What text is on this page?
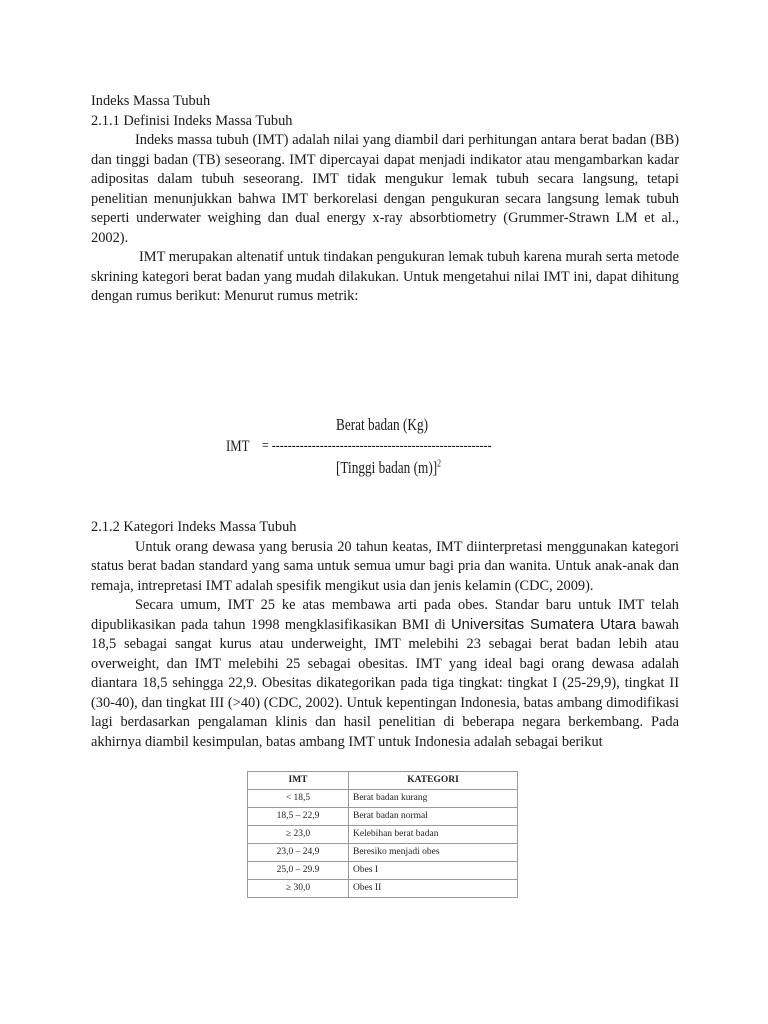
Indeks Massa Tubuh

2.1.1 Definisi Indeks Massa Tubuh

Indeks massa tubuh (IMT) adalah nilai yang diambil dari perhitungan antara berat badan (BB) dan tinggi badan (TB) seseorang. IMT dipercayai dapat menjadi indikator atau mengambarkan kadar adipositas dalam tubuh seseorang. IMT tidak mengukur lemak tubuh secara langsung, tetapi penelitian menunjukkan bahwa IMT berkorelasi dengan pengukuran secara langsung lemak tubuh seperti underwater weighing dan dual energy x-ray absorbtiometry (Grummer-Strawn LM et al., 2002).

IMT merupakan altenatif untuk tindakan pengukuran lemak tubuh karena murah serta metode skrining kategori berat badan yang mudah dilakukan. Untuk mengetahui nilai IMT ini, dapat dihitung dengan rumus berikut: Menurut rumus metrik:

Berat badan (Kg)
IMT = -------------------------------------------------------
[Tinggi badan (m)]$^2$

2.1.2 Kategori Indeks Massa Tubuh

Untuk orang dewasa yang berusia 20 tahun keatas, IMT diinterpretasi menggunakan kategori status berat badan standard yang sama untuk semua umur bagi pria dan wanita. Untuk anak-anak dan remaja, intrepretasi IMT adalah spesifik mengikut usia dan jenis kelamin (CDC, 2009).

Secara umum, IMT 25 ke atas membawa arti pada obes. Standar baru untuk IMT telah dipublikasikan pada tahun 1998 mengklasifikasikan BMI di Universitas Sumatera Utara bawah 18,5 sebagai sangat kurus atau underweight, IMT melebihi 23 sebagai berat badan lebih atau overweight, dan IMT melebihi 25 sebagai obesitas. IMT yang ideal bagi orang dewasa adalah diantara 18,5 sehingga 22,9. Obesitas dikategorikan pada tiga tingkat: tingkat I (25-29,9), tingkat II (30-40), dan tingkat III (>40) (CDC, 2002). Untuk kepentingan Indonesia, batas ambang dimodifikasi lagi berdasarkan pengalaman klinis dan hasil penelitian di beberapa negara berkembang. Pada akhirnya diambil kesimpulan, batas ambang IMT untuk Indonesia adalah sebagai berikut

IMT	KATEGORI
< 18,5	Berat badan kurang
18,5 – 22,9	Berat badan normal
≥ 23,0	Kelebihan berat badan
23,0 – 24,9	Beresiko menjadi obes
25,0 – 29.9	Obes I
≥ 30,0	Obes II
